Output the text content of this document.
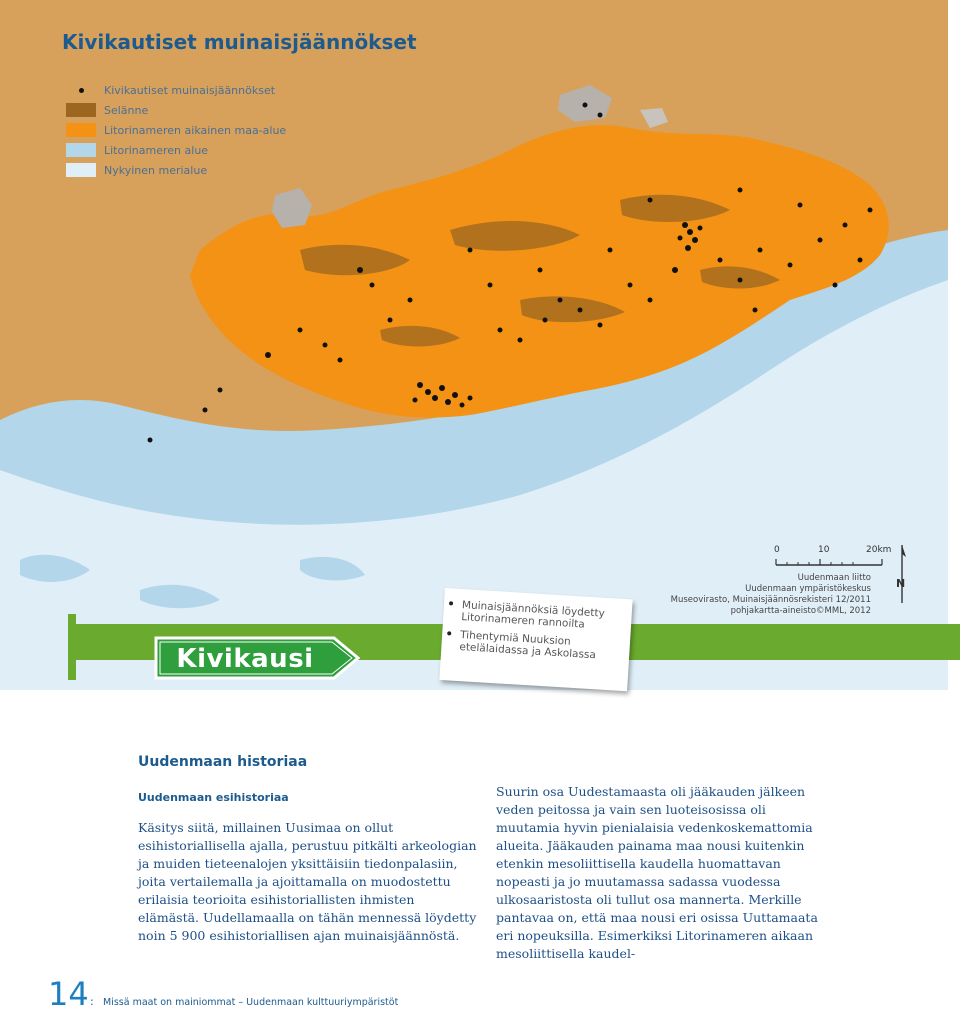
Kivikautiset muinaisjäännökset
Kivikautiset muinaisjäännökset
Selänne
Litorinameren aikainen maa-alue
Litorinameren alue
Nykyinen merialue
0	10	20km
Uudenmaan liitto
Uudenmaan ympäristökeskus
Museovirasto, Muinaisjäännösrekisteri 12/2011
pohjakartta-aineisto©MML, 2012
N
Kivikausi
Muinaisjäännöksiä löydetty Litorinameren rannoilta
Tihentymiä Nuuksion etelälaidassa ja Askolassa
Uudenmaan historiaa
Uudenmaan esihistoriaa

Käsitys siitä, millainen Uusimaa on ollut esihistoriallisella ajalla, perustuu pitkälti arkeologian ja muiden tieteenalojen yksittäisiin tiedonpalasiin, joita vertailemalla ja ajoittamalla on muodostettu erilaisia teorioita esihistoriallisten ihmisten elämästä. Uudellamaalla on tähän mennessä löydetty noin 5 900 esihistoriallisen ajan muinaisjäännöstä.

Suurin osa Uudestamaasta oli jääkauden jälkeen veden peitossa ja vain sen luoteisosissa oli muutamia hyvin pienialaisia vedenkoskemattomia alueita. Jääkauden painama maa nousi kuitenkin etenkin mesoliittisella kaudella huomattavan nopeasti ja jo muutamassa sadassa vuodessa ulkosaaristosta oli tullut osa mannerta. Merkille pantavaa on, että maa nousi eri osissa Uuttamaata eri nopeuksilla. Esimerkiksi Litorinameren aikaan mesoliittisella kaudel-

14 : Missä maat on mainiommat – Uudenmaan kulttuuriympäristöt
